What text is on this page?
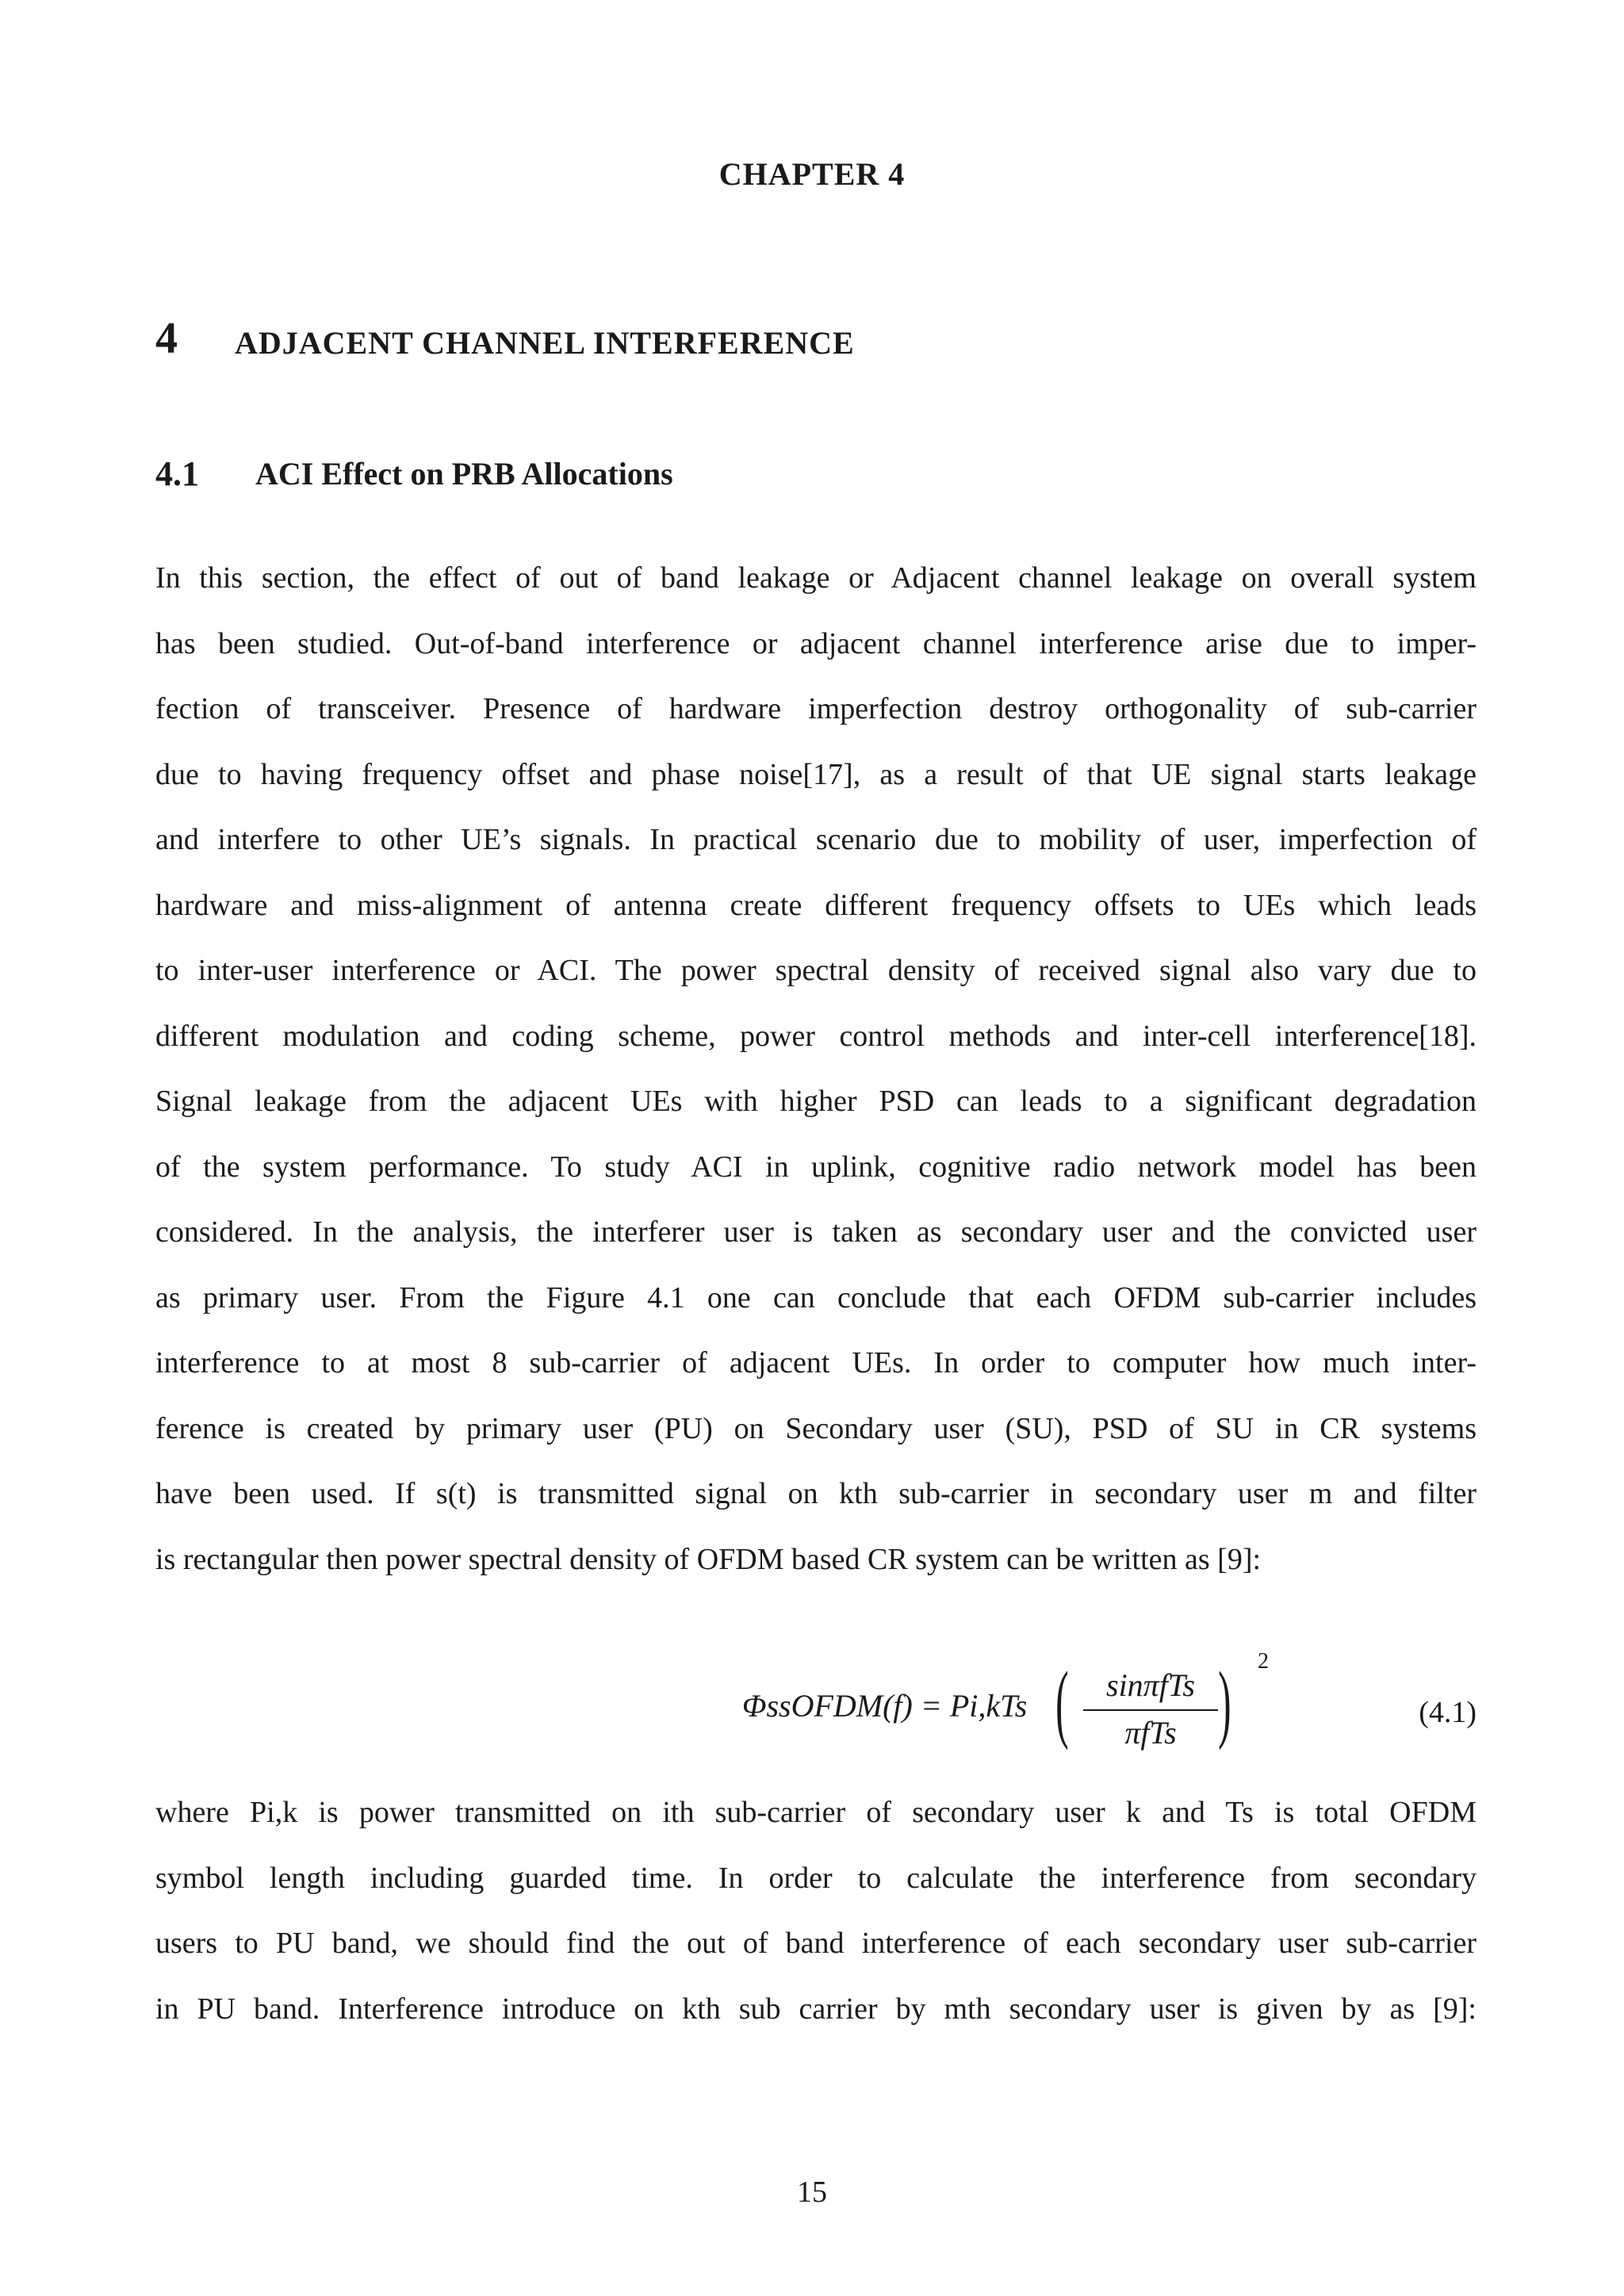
CHAPTER 4
4 ADJACENT CHANNEL INTERFERENCE
4.1 ACI Effect on PRB Allocations
In this section, the effect of out of band leakage or Adjacent channel leakage on overall system
has been studied. Out-of-band interference or adjacent channel interference arise due to imper-
fection of transceiver. Presence of hardware imperfection destroy orthogonality of sub-carrier
due to having frequency offset and phase noise[17], as a result of that UE signal starts leakage
and interfere to other UE’s signals. In practical scenario due to mobility of user, imperfection of
hardware and miss-alignment of antenna create different frequency offsets to UEs which leads
to inter-user interference or ACI. The power spectral density of received signal also vary due to
different modulation and coding scheme, power control methods and inter-cell interference[18].
Signal leakage from the adjacent UEs with higher PSD can leads to a significant degradation
of the system performance. To study ACI in uplink, cognitive radio network model has been
considered. In the analysis, the interferer user is taken as secondary user and the convicted user
as primary user. From the Figure 4.1 one can conclude that each OFDM sub-carrier includes
interference to at most 8 sub-carrier of adjacent UEs. In order to computer how much inter-
ference is created by primary user (PU) on Secondary user (SU), PSD of SU in CR systems
have been used. If s(t) is transmitted signal on kth sub-carrier in secondary user m and filter
is rectangular then power spectral density of OFDM based CR system can be written as [9]:
ΦssOFDM(f) = Pi,kTs (	sinπfTs
πfTs ) 2
(4.1)
where Pi,k is power transmitted on ith sub-carrier of secondary user k and Ts is total OFDM
symbol length including guarded time. In order to calculate the interference from secondary
users to PU band, we should find the out of band interference of each secondary user sub-carrier
in PU band. Interference introduce on kth sub carrier by mth secondary user is given by as [9]:
15
